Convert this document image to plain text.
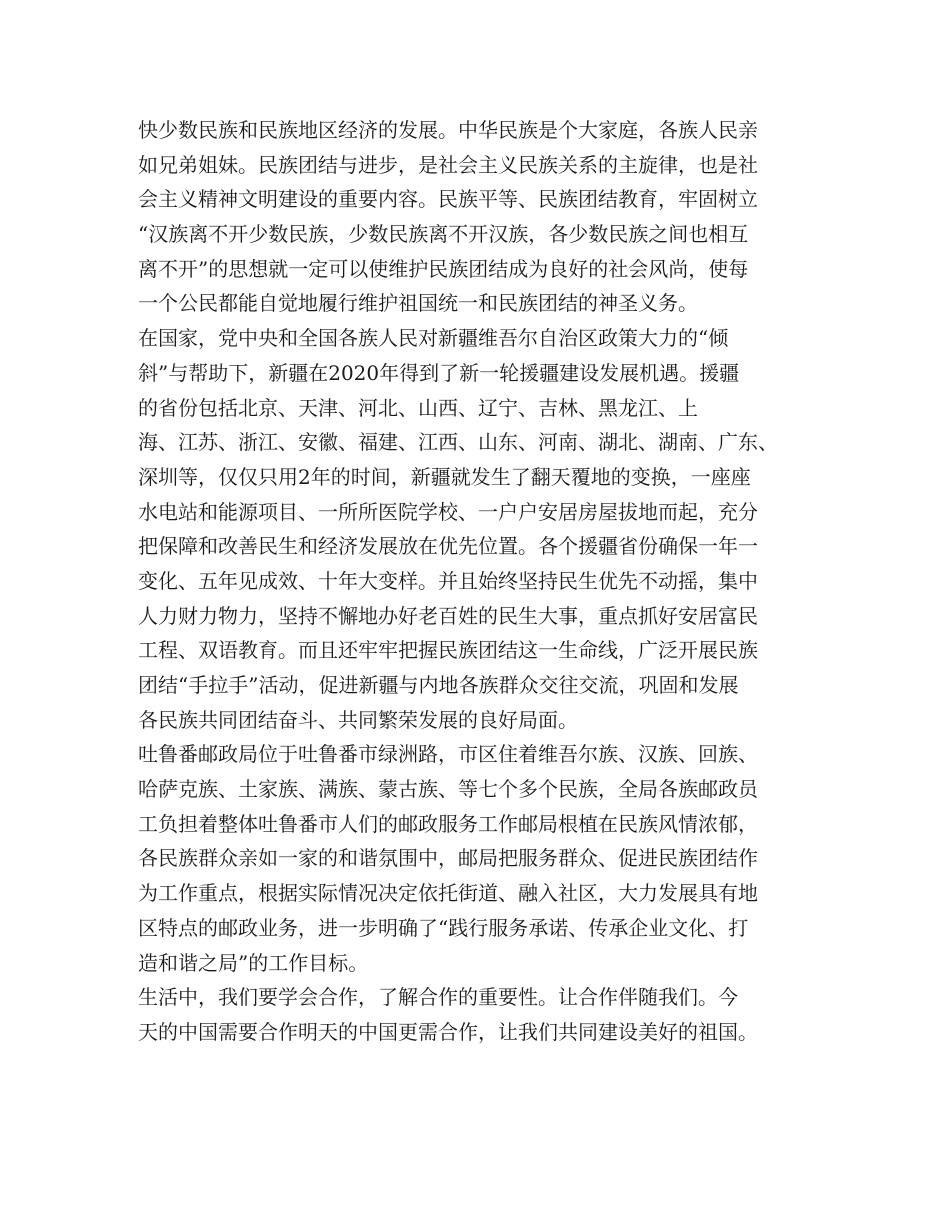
快少数民族和民族地区经济的发展。中华民族是个大家庭，各族人民亲
如兄弟姐妹。民族团结与进步，是社会主义民族关系的主旋律，也是社
会主义精神文明建设的重要内容。民族平等、民族团结教育，牢固树立
“汉族离不开少数民族，少数民族离不开汉族，各少数民族之间也相互
离不开”的思想就一定可以使维护民族团结成为良好的社会风尚，使每
一个公民都能自觉地履行维护祖国统一和民族团结的神圣义务。
在国家，党中央和全国各族人民对新疆维吾尔自治区政策大力的“倾
斜”与帮助下，新疆在2020年得到了新一轮援疆建设发展机遇。援疆
的省份包括北京、天津、河北、山西、辽宁、吉林、黑龙江、上
海、江苏、浙江、安徽、福建、江西、山东、河南、湖北、湖南、广东、
深圳等，仅仅只用2年的时间，新疆就发生了翻天覆地的变换，一座座
水电站和能源项目、一所所医院学校、一户户安居房屋拔地而起，充分
把保障和改善民生和经济发展放在优先位置。各个援疆省份确保一年一
变化、五年见成效、十年大变样。并且始终坚持民生优先不动摇，集中
人力财力物力，坚持不懈地办好老百姓的民生大事，重点抓好安居富民
工程、双语教育。而且还牢牢把握民族团结这一生命线，广泛开展民族
团结“手拉手”活动，促进新疆与内地各族群众交往交流，巩固和发展
各民族共同团结奋斗、共同繁荣发展的良好局面。
吐鲁番邮政局位于吐鲁番市绿洲路，市区住着维吾尔族、汉族、回族、
哈萨克族、土家族、满族、蒙古族、等七个多个民族，全局各族邮政员
工负担着整体吐鲁番市人们的邮政服务工作邮局根植在民族风情浓郁，
各民族群众亲如一家的和谐氛围中，邮局把服务群众、促进民族团结作
为工作重点，根据实际情况决定依托街道、融入社区，大力发展具有地
区特点的邮政业务，进一步明确了“践行服务承诺、传承企业文化、打
造和谐之局”的工作目标。
生活中，我们要学会合作，了解合作的重要性。让合作伴随我们。今
天的中国需要合作明天的中国更需合作，让我们共同建设美好的祖国。
